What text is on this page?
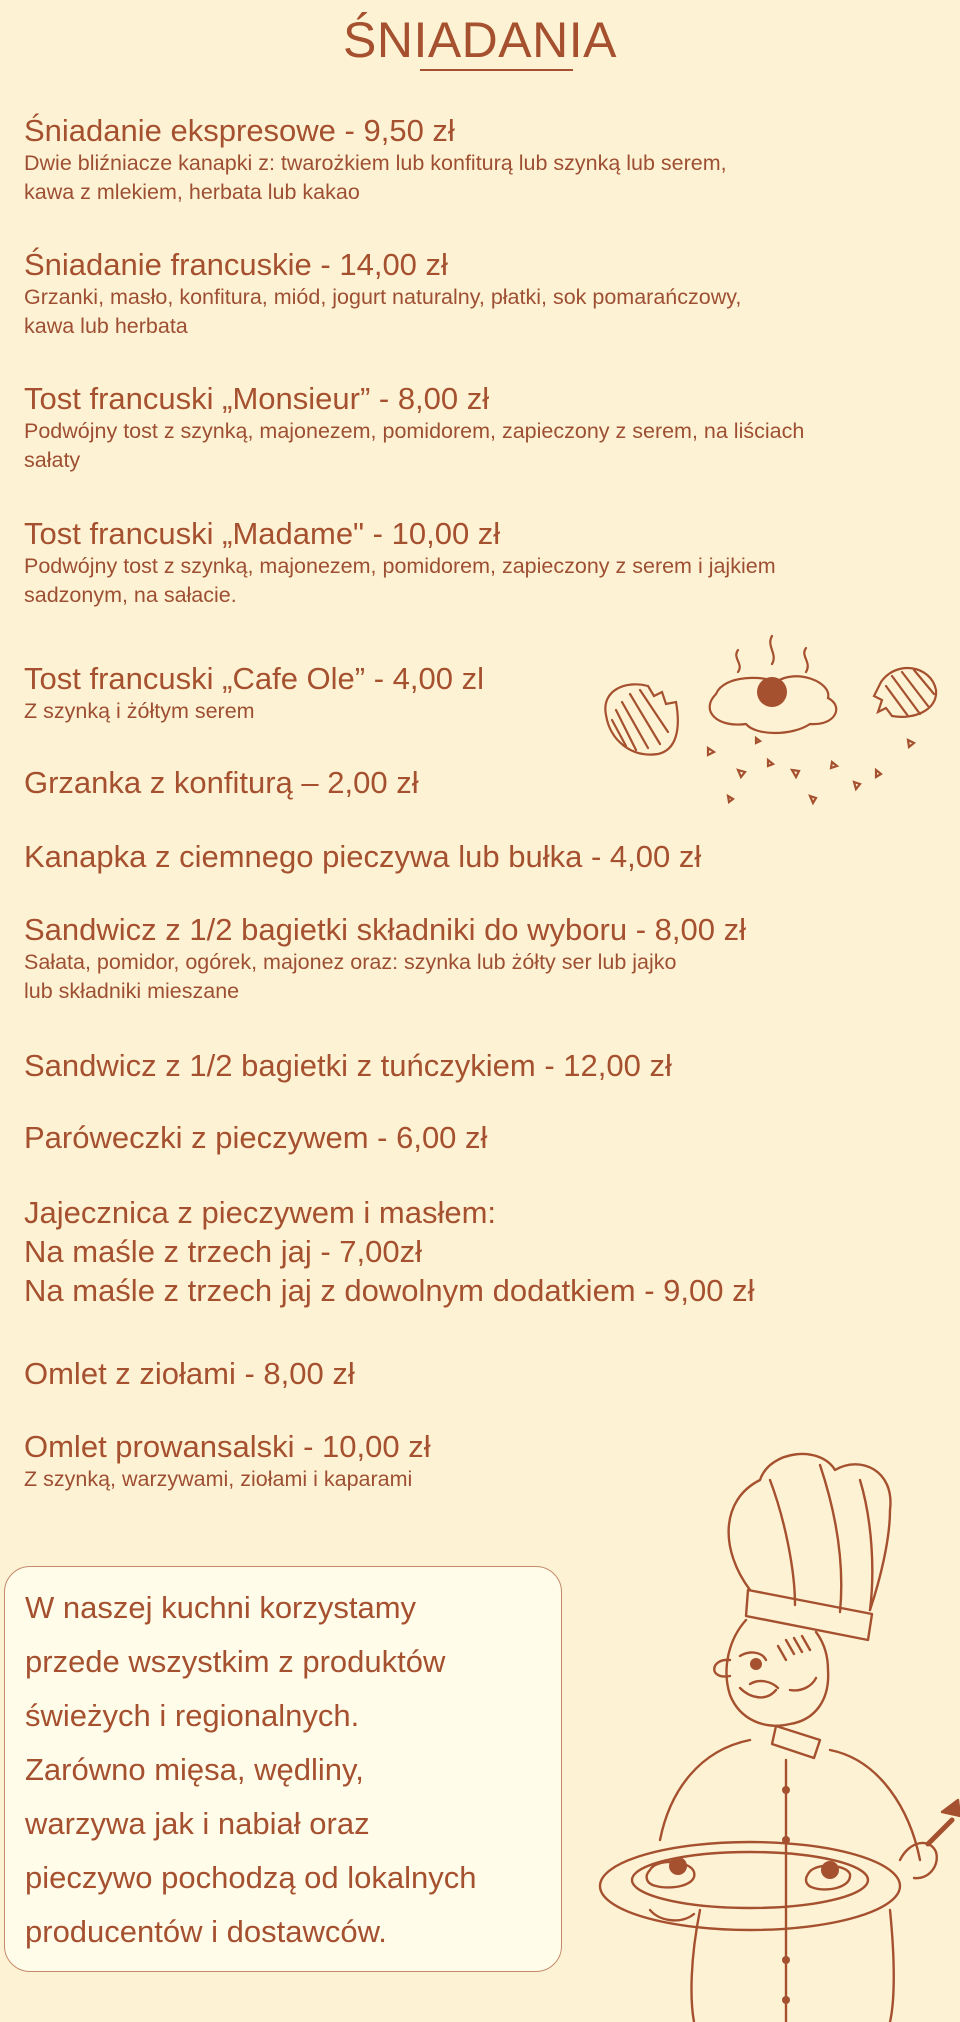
ŚNIADANIA
Śniadanie ekspresowe - 9,50 zł
Dwie bliźniacze kanapki z: twarożkiem lub konfiturą lub szynką lub serem,
kawa z mlekiem, herbata lub kakao
Śniadanie francuskie - 14,00 zł
Grzanki, masło, konfitura, miód, jogurt naturalny, płatki, sok pomarańczowy,
kawa lub herbata
Tost francuski „Monsieur” - 8,00 zł
Podwójny tost z szynką, majonezem, pomidorem, zapieczony z serem, na liściach
sałaty
Tost francuski „Madame" - 10,00 zł
Podwójny tost z szynką, majonezem, pomidorem, zapieczony z serem i jajkiem
sadzonym, na sałacie.
Tost francuski „Cafe Ole” - 4,00 zl
Z szynką i żółtym serem
Grzanka z konfiturą – 2,00 zł
Kanapka z ciemnego pieczywa lub bułka - 4,00 zł
Sandwicz z 1/2 bagietki składniki do wyboru - 8,00 zł
Sałata, pomidor, ogórek, majonez oraz: szynka lub żółty ser lub jajko
lub składniki mieszane
Sandwicz z 1/2 bagietki z tuńczykiem - 12,00 zł
Paróweczki z pieczywem - 6,00 zł
Jajecznica z pieczywem i masłem:
Na maśle z trzech jaj - 7,00zł
Na maśle z trzech jaj z dowolnym dodatkiem - 9,00 zł
Omlet z ziołami - 8,00 zł
Omlet prowansalski - 10,00 zł
Z szynką, warzywami, ziołami i kaparami

W naszej kuchni korzystamy

przede wszystkim z produktów

świeżych i regionalnych.

Zarówno mięsa, wędliny,

warzywa jak i nabiał oraz

pieczywo pochodzą od lokalnych

producentów i dostawców.
